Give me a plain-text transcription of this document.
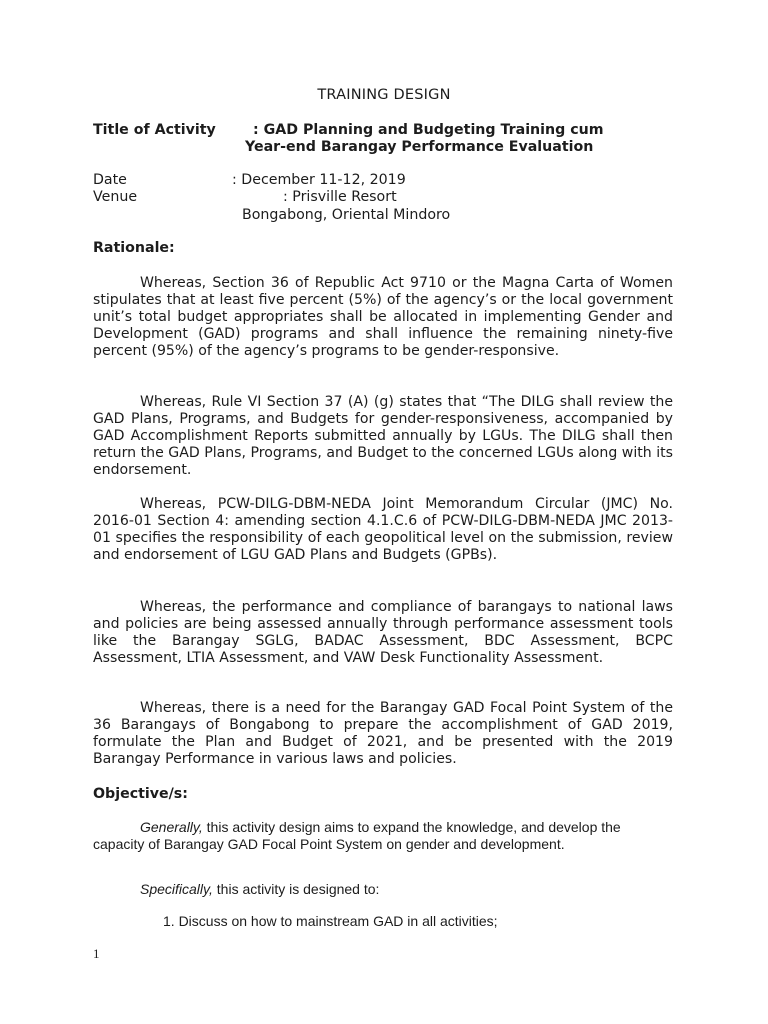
TRAINING DESIGN
Title of Activity	: GAD Planning and Budgeting Training cum
Year-end Barangay Performance Evaluation
Date	: December 11-12, 2019
Venue	: Prisville Resort
Bongabong, Oriental Mindoro
Rationale:
Whereas, Section 36 of Republic Act 9710 or the Magna Carta of Women stipulates that at least five percent (5%) of the agency’s or the local government unit’s total budget appropriates shall be allocated in implementing Gender and Development (GAD) programs and shall influence the remaining ninety-five percent (95%) of the agency’s programs to be gender-responsive.
Whereas, Rule VI Section 37 (A) (g) states that “The DILG shall review the GAD Plans, Programs, and Budgets for gender-responsiveness, accompanied by GAD Accomplishment Reports submitted annually by LGUs. The DILG shall then return the GAD Plans, Programs, and Budget to the concerned LGUs along with its endorsement.
Whereas, PCW-DILG-DBM-NEDA Joint Memorandum Circular (JMC) No. 2016-01 Section 4: amending section 4.1.C.6 of PCW-DILG-DBM-NEDA JMC 2013-01 specifies the responsibility of each geopolitical level on the submission, review and endorsement of LGU GAD Plans and Budgets (GPBs).
Whereas, the performance and compliance of barangays to national laws and policies are being assessed annually through performance assessment tools like the Barangay SGLG, BADAC Assessment, BDC Assessment, BCPC Assessment, LTIA Assessment, and VAW Desk Functionality Assessment.
Whereas, there is a need for the Barangay GAD Focal Point System of the 36 Barangays of Bongabong to prepare the accomplishment of GAD 2019, formulate the Plan and Budget of 2021, and be presented with the 2019 Barangay Performance in various laws and policies.
Objective/s:
Generally, this activity design aims to expand the knowledge, and develop the capacity of Barangay GAD Focal Point System on gender and development.
Specifically, this activity is designed to:
1. Discuss on how to mainstream GAD in all activities;
1
